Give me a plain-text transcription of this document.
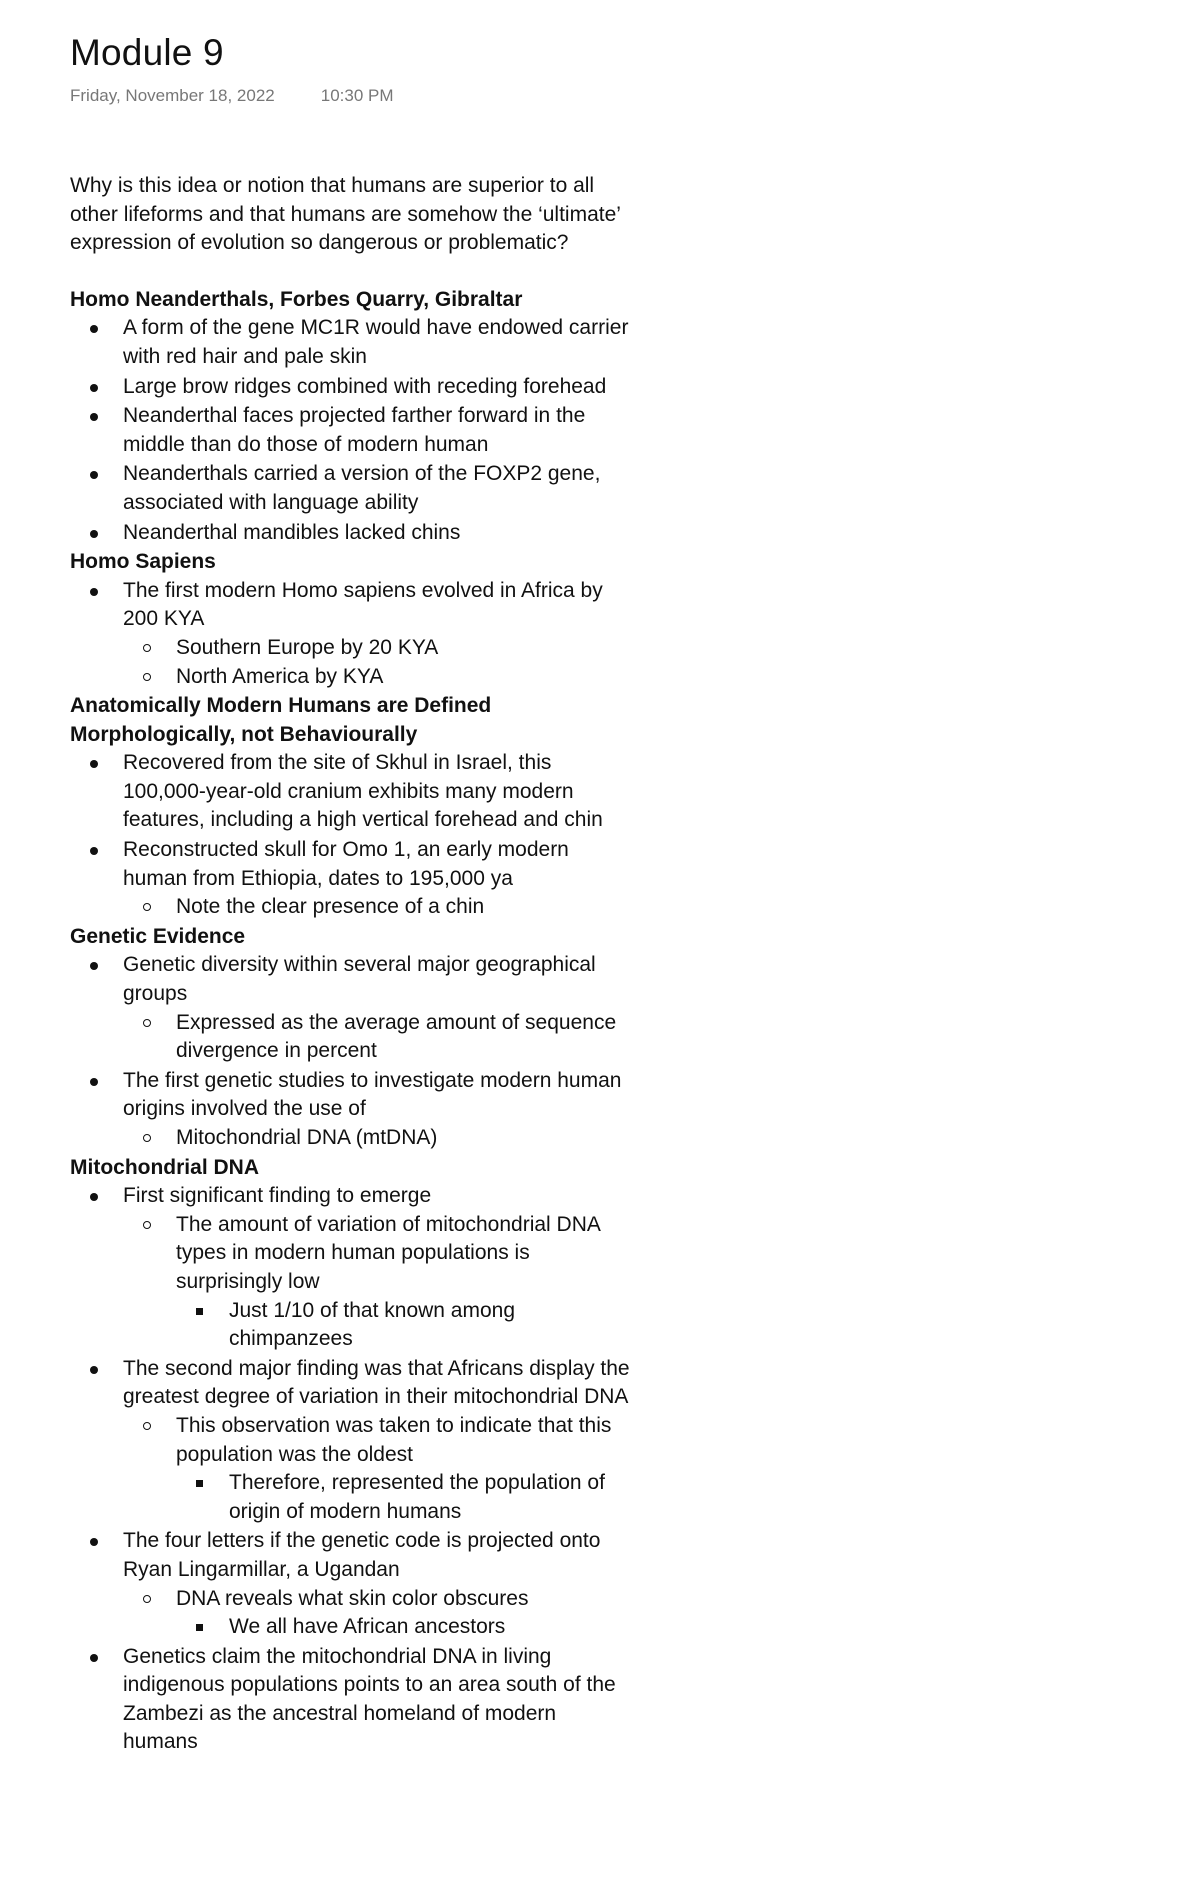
Module 9
Friday, November 18, 2022	10:30 PM

Why is this idea or notion that humans are superior to all other lifeforms and that humans are somehow the ‘ultimate’ expression of evolution so dangerous or problematic?

Homo Neanderthals, Forbes Quarry, Gibraltar

A form of the gene MC1R would have endowed carrier with red hair and pale skin
Large brow ridges combined with receding forehead
Neanderthal faces projected farther forward in the middle than do those of modern human
Neanderthals carried a version of the FOXP2 gene, associated with language ability
Neanderthal mandibles lacked chins

Homo Sapiens

The first modern Homo sapiens evolved in Africa by 200 KYA
Southern Europe by 20 KYA
North America by KYA

Anatomically Modern Humans are Defined Morphologically, not Behaviourally

Recovered from the site of Skhul in Israel, this 100,000-year-old cranium exhibits many modern features, including a high vertical forehead and chin
Reconstructed skull for Omo 1, an early modern human from Ethiopia, dates to 195,000 ya
Note the clear presence of a chin

Genetic Evidence

Genetic diversity within several major geographical groups
Expressed as the average amount of sequence divergence in percent
The first genetic studies to investigate modern human origins involved the use of
Mitochondrial DNA (mtDNA)

Mitochondrial DNA

First significant finding to emerge
The amount of variation of mitochondrial DNA types in modern human populations is surprisingly low
Just 1/10 of that known among chimpanzees
The second major finding was that Africans display the greatest degree of variation in their mitochondrial DNA
This observation was taken to indicate that this population was the oldest
Therefore, represented the population of origin of modern humans
The four letters if the genetic code is projected onto Ryan Lingarmillar, a Ugandan
DNA reveals what skin color obscures
We all have African ancestors
Genetics claim the mitochondrial DNA in living indigenous populations points to an area south of the Zambezi as the ancestral homeland of modern humans
